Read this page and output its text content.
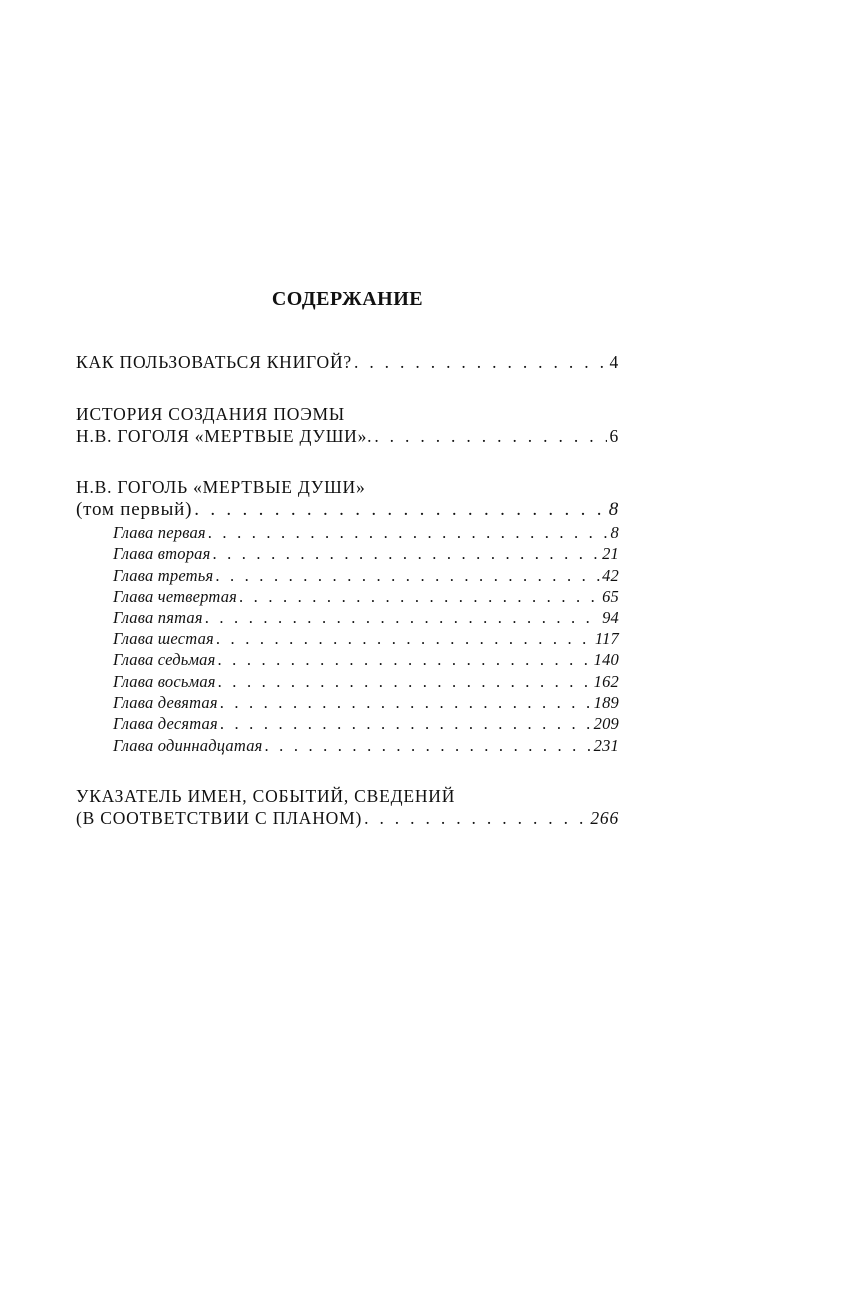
СОДЕРЖАНИЕ
КАК ПОЛЬЗОВАТЬСЯ КНИГОЙ? . . .	4
ИСТОРИЯ СОЗДАНИЯ ПОЭМЫ
Н.В. ГОГОЛЯ «МЕРТВЫЕ ДУШИ». . . .	6
Н.В. ГОГОЛЬ «МЕРТВЫЕ ДУШИ»
(том первый) . . .	8
Глава первая . . .	8
Глава вторая . . .	21
Глава третья . . .	42
Глава четвертая . . .	65
Глава пятая . . .	94
Глава шестая . . .	117
Глава седьмая . . .	140
Глава восьмая . . .	162
Глава девятая . . .	189
Глава десятая . . .	209
Глава одиннадцатая . . .	231
УКАЗАТЕЛЬ ИМЕН, СОБЫТИЙ, СВЕДЕНИЙ
(В СООТВЕТСТВИИ С ПЛАНОМ) . . .	266
